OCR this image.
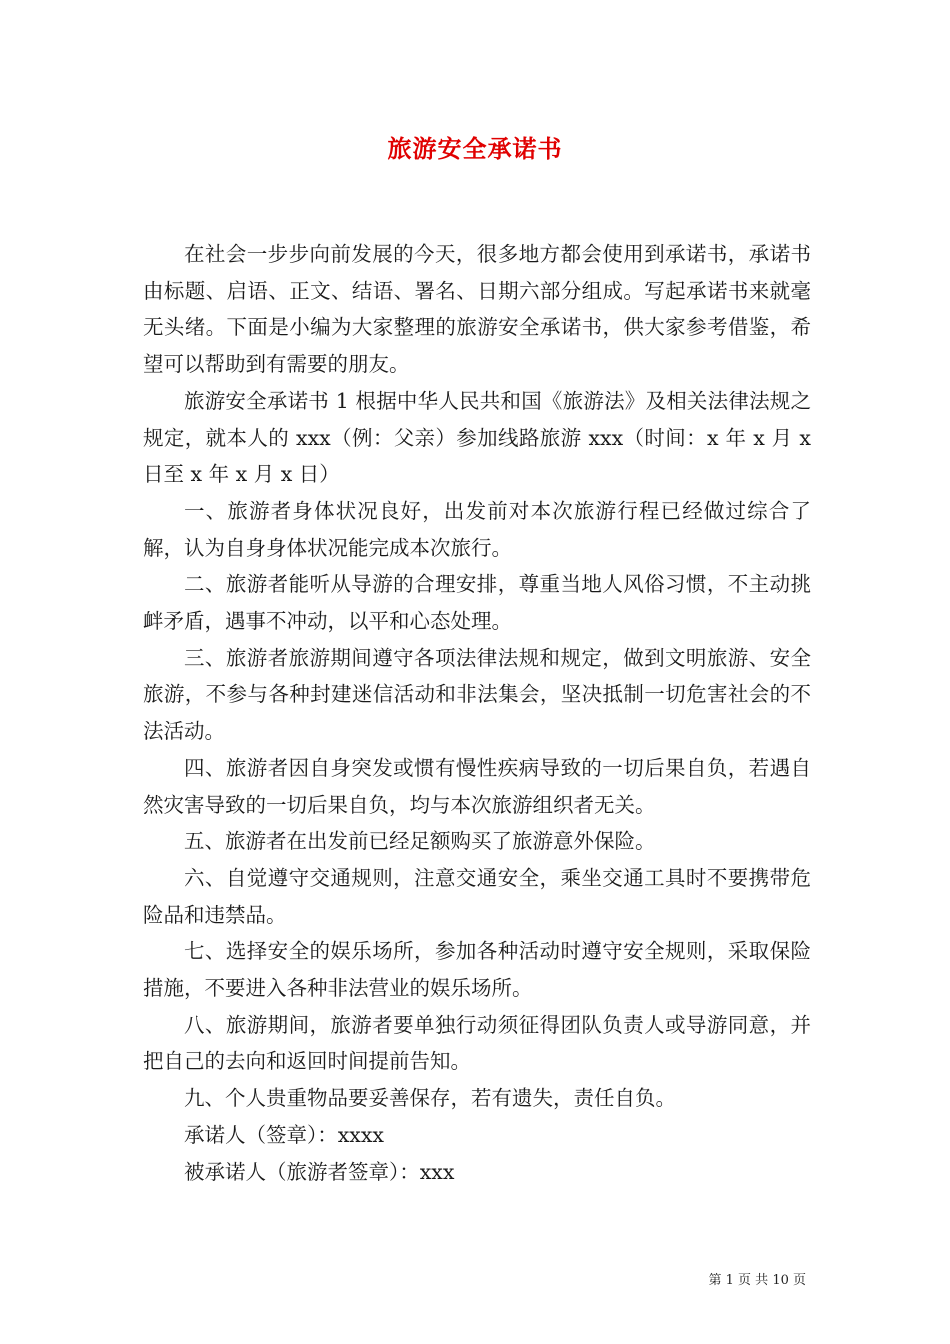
旅游安全承诺书

在社会一步步向前发展的今天，很多地方都会使用到承诺书，承诺书由标题、启语、正文、结语、署名、日期六部分组成。写起承诺书来就毫无头绪。下面是小编为大家整理的旅游安全承诺书，供大家参考借鉴，希望可以帮助到有需要的朋友。

旅游安全承诺书 1 根据中华人民共和国《旅游法》及相关法律法规之规定，就本人的 xxx（例：父亲）参加线路旅游 xxx（时间：x 年 x 月 x 日至 x 年 x 月 x 日）

一、旅游者身体状况良好，出发前对本次旅游行程已经做过综合了解，认为自身身体状况能完成本次旅行。

二、旅游者能听从导游的合理安排，尊重当地人风俗习惯，不主动挑衅矛盾，遇事不冲动，以平和心态处理。

三、旅游者旅游期间遵守各项法律法规和规定，做到文明旅游、安全旅游，不参与各种封建迷信活动和非法集会，坚决抵制一切危害社会的不法活动。

四、旅游者因自身突发或惯有慢性疾病导致的一切后果自负，若遇自然灾害导致的一切后果自负，均与本次旅游组织者无关。

五、旅游者在出发前已经足额购买了旅游意外保险。

六、自觉遵守交通规则，注意交通安全，乘坐交通工具时不要携带危险品和违禁品。

七、选择安全的娱乐场所，参加各种活动时遵守安全规则，采取保险措施，不要进入各种非法营业的娱乐场所。

八、旅游期间，旅游者要单独行动须征得团队负责人或导游同意，并把自己的去向和返回时间提前告知。

九、个人贵重物品要妥善保存，若有遗失，责任自负。

承诺人（签章）：xxxx

被承诺人（旅游者签章）：xxx

第 1 页 共 10 页
